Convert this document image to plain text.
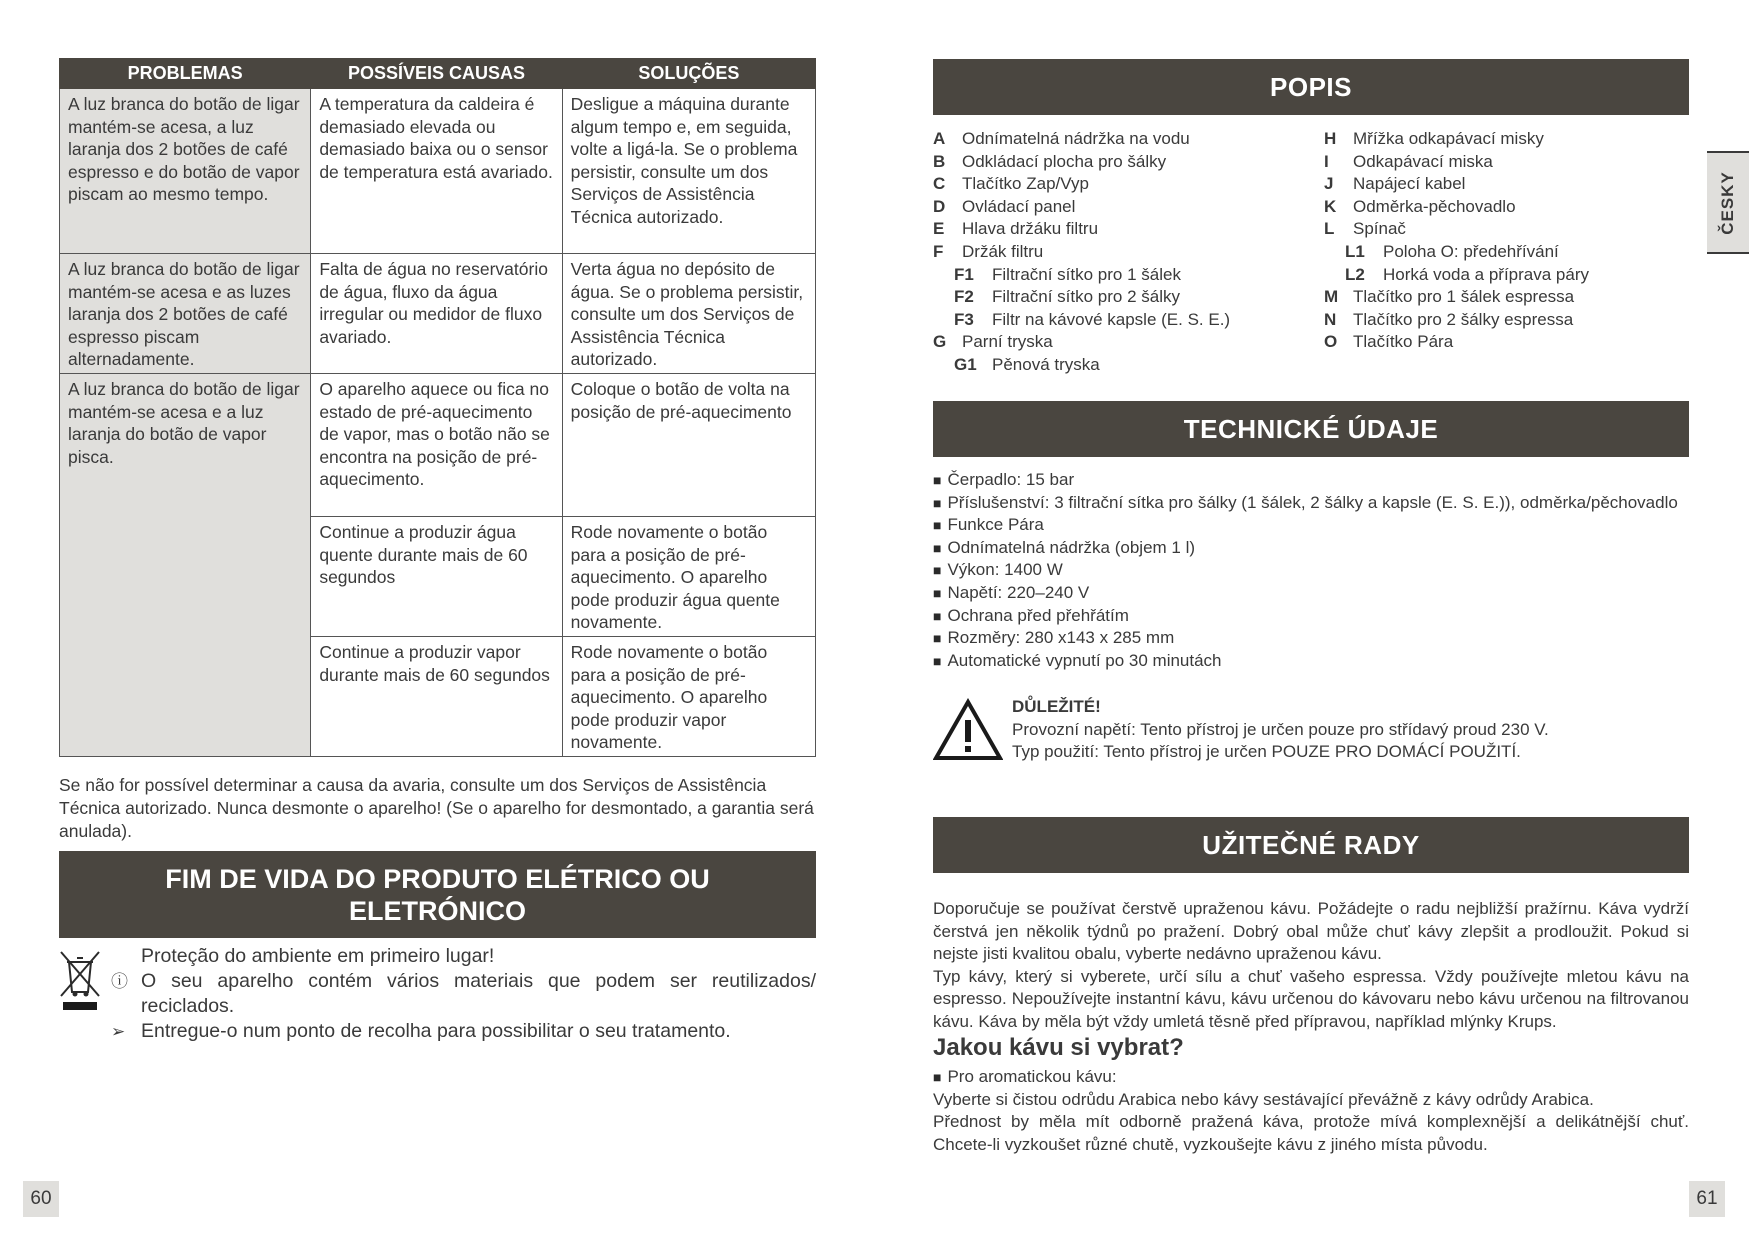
PROBLEMAS	POSSÍVEIS CAUSAS	SOLUÇÕES
A luz branca do botão de ligar mantém-se acesa, a luz laranja dos 2 botões de café espresso e do botão de vapor piscam ao mesmo tempo.	A temperatura da caldeira é demasiado elevada ou demasiado baixa ou o sensor de temperatura está avariado.	Desligue a máquina durante algum tempo e, em seguida, volte a ligá-la. Se o problema persistir, consulte um dos Serviços de Assistência Técnica autorizado.
A luz branca do botão de ligar mantém-se acesa e as luzes laranja dos 2 botões de café espresso piscam alternadamente.	Falta de água no reservatório de água, fluxo da água irregular ou medidor de fluxo avariado.	Verta água no depósito de água. Se o problema persistir, consulte um dos Serviços de Assistência Técnica autorizado.
A luz branca do botão de ligar mantém-se acesa e a luz laranja do botão de vapor pisca.	O aparelho aquece ou fica no estado de pré-aquecimento de vapor, mas o botão não se encontra na posição de pré-aquecimento.	Coloque o botão de volta na posição de pré-aquecimento
	Continue a produzir água quente durante mais de 60 segundos	Rode novamente o botão para a posição de pré-aquecimento. O aparelho pode produzir água quente novamente.
	Continue a produzir vapor durante mais de 60 segundos	Rode novamente o botão para a posição de pré-aquecimento. O aparelho pode produzir vapor novamente.
Se não for possível determinar a causa da avaria, consulte um dos Serviços de Assistência Técnica autorizado. Nunca desmonte o aparelho! (Se o aparelho for desmontado, a garantia será anulada).
FIM DE VIDA DO PRODUTO ELÉTRICO OU
ELETRÓNICO
Proteção do ambiente em primeiro lugar!
ⓘ O seu aparelho contém vários materiais que podem ser reutilizados/ reciclados.
➢ Entregue-o num ponto de recolha para possibilitar o seu tratamento.
60
ČESKY
POPIS
A Odnímatelná nádržka na vodu
B Odkládací plocha pro šálky
C Tlačítko Zap/Vyp
D Ovládací panel
E	Hlava držáku filtru
F	Držák filtru
F1	Filtrační sítko pro 1 šálek
F2	Filtrační sítko pro 2 šálky
F3	Filtr na kávové kapsle (E. S. E.)
G Parní tryska
G1 Pěnová tryska
H Mřížka odkapávací misky
I	Odkapávací miska
J	Napájecí kabel
K Odměrka-pěchovadlo
L	Spínač
L1	Poloha O: předehřívání
L2	Horká voda a příprava páry
M Tlačítko pro 1 šálek espressa
N Tlačítko pro 2 šálky espressa
O Tlačítko Pára
TECHNICKÉ ÚDAJE
■ Čerpadlo: 15 bar
■ Příslušenství: 3 filtrační sítka pro šálky (1 šálek, 2 šálky a kapsle (E. S. E.)), odměrka/pěchovadlo
■ Funkce Pára
■ Odnímatelná nádržka (objem 1 l)
■ Výkon: 1400 W
■ Napětí: 220–240 V
■ Ochrana před přehřátím
■ Rozměry: 280 x143 x 285 mm
■ Automatické vypnutí po 30 minutách
DŮLEŽITÉ!
Provozní napětí: Tento přístroj je určen pouze pro střídavý proud 230 V.
Typ použití: Tento přístroj je určen POUZE PRO DOMÁCÍ POUŽITÍ.
UŽITEČNÉ RADY

Doporučuje se používat čerstvě upraženou kávu. Požádejte o radu nejbližší pražírnu. Káva vydrží čerstvá jen několik týdnů po pražení. Dobrý obal může chuť kávy zlepšit a prodloužit. Pokud si nejste jisti kvalitou obalu, vyberte nedávno upraženou kávu.

Typ kávy, který si vyberete, určí sílu a chuť vašeho espressa. Vždy používejte mletou kávu na espresso. Nepoužívejte instantní kávu, kávu určenou do kávovaru nebo kávu určenou na filtrovanou kávu. Káva by měla být vždy umletá těsně před přípravou, například mlýnky Krups.

Jakou kávu si vybrat?

■ Pro aromatickou kávu:

Vyberte si čistou odrůdu Arabica nebo kávy sestávající převážně z kávy odrůdy Arabica.

Přednost by měla mít odborně pražená káva, protože mívá komplexnější a delikátnější chuť. Chcete-li vyzkoušet různé chutě, vyzkoušejte kávu z jiného místa původu.

61
